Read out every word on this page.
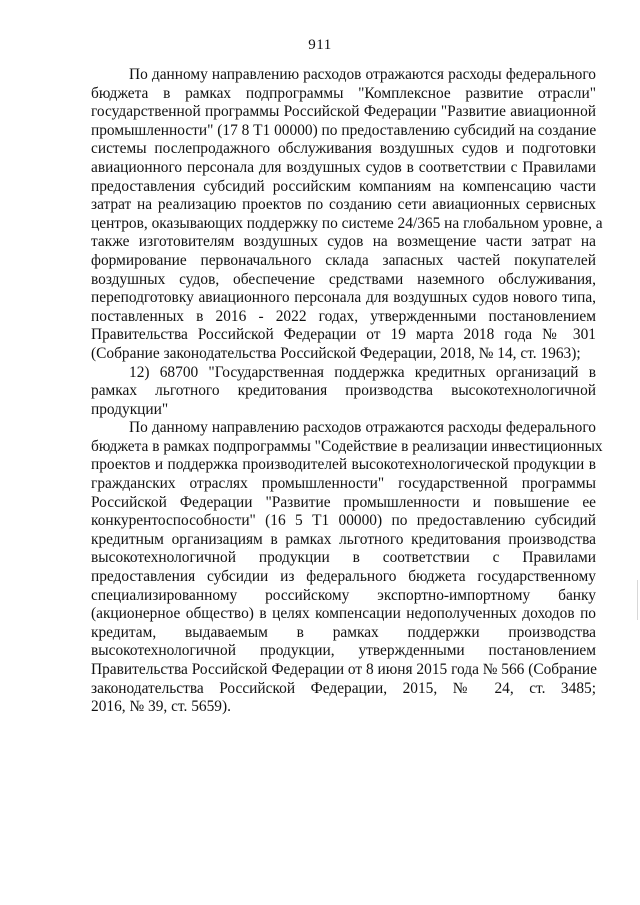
911
По данному направлению расходов отражаются расходы федерального
бюджета в рамках подпрограммы "Комплексное развитие отрасли"
государственной программы Российской Федерации "Развитие авиационной
промышленности" (17 8 Т1 00000) по предоставлению субсидий на создание
системы послепродажного обслуживания воздушных судов и подготовки
авиационного персонала для воздушных судов в соответствии с Правилами
предоставления субсидий российским компаниям на компенсацию части
затрат на реализацию проектов по созданию сети авиационных сервисных
центров, оказывающих поддержку по системе 24/365 на глобальном уровне, а
также изготовителям воздушных судов на возмещение части затрат на
формирование первоначального склада запасных частей покупателей
воздушных судов, обеспечение средствами наземного обслуживания,
переподготовку авиационного персонала для воздушных судов нового типа,
поставленных в 2016 - 2022 годах, утвержденными постановлением
Правительства Российской Федерации от 19 марта 2018 года № 301
(Собрание законодательства Российской Федерации, 2018, № 14, ст. 1963);
12) 68700 "Государственная поддержка кредитных организаций в
рамках льготного кредитования производства высокотехнологичной
продукции"
По данному направлению расходов отражаются расходы федерального
бюджета в рамках подпрограммы "Содействие в реализации инвестиционных
проектов и поддержка производителей высокотехнологической продукции в
гражданских отраслях промышленности" государственной программы
Российской Федерации "Развитие промышленности и повышение ее
конкурентоспособности" (16 5 Т1 00000) по предоставлению субсидий
кредитным организациям в рамках льготного кредитования производства
высокотехнологичной продукции в соответствии с Правилами
предоставления субсидии из федерального бюджета государственному
специализированному российскому экспортно-импортному банку
(акционерное общество) в целях компенсации недополученных доходов по
кредитам, выдаваемым в рамках поддержки производства
высокотехнологичной продукции, утвержденными постановлением
Правительства Российской Федерации от 8 июня 2015 года № 566 (Собрание
законодательства Российской Федерации, 2015, № 24, ст. 3485;
2016, № 39, ст. 5659).
